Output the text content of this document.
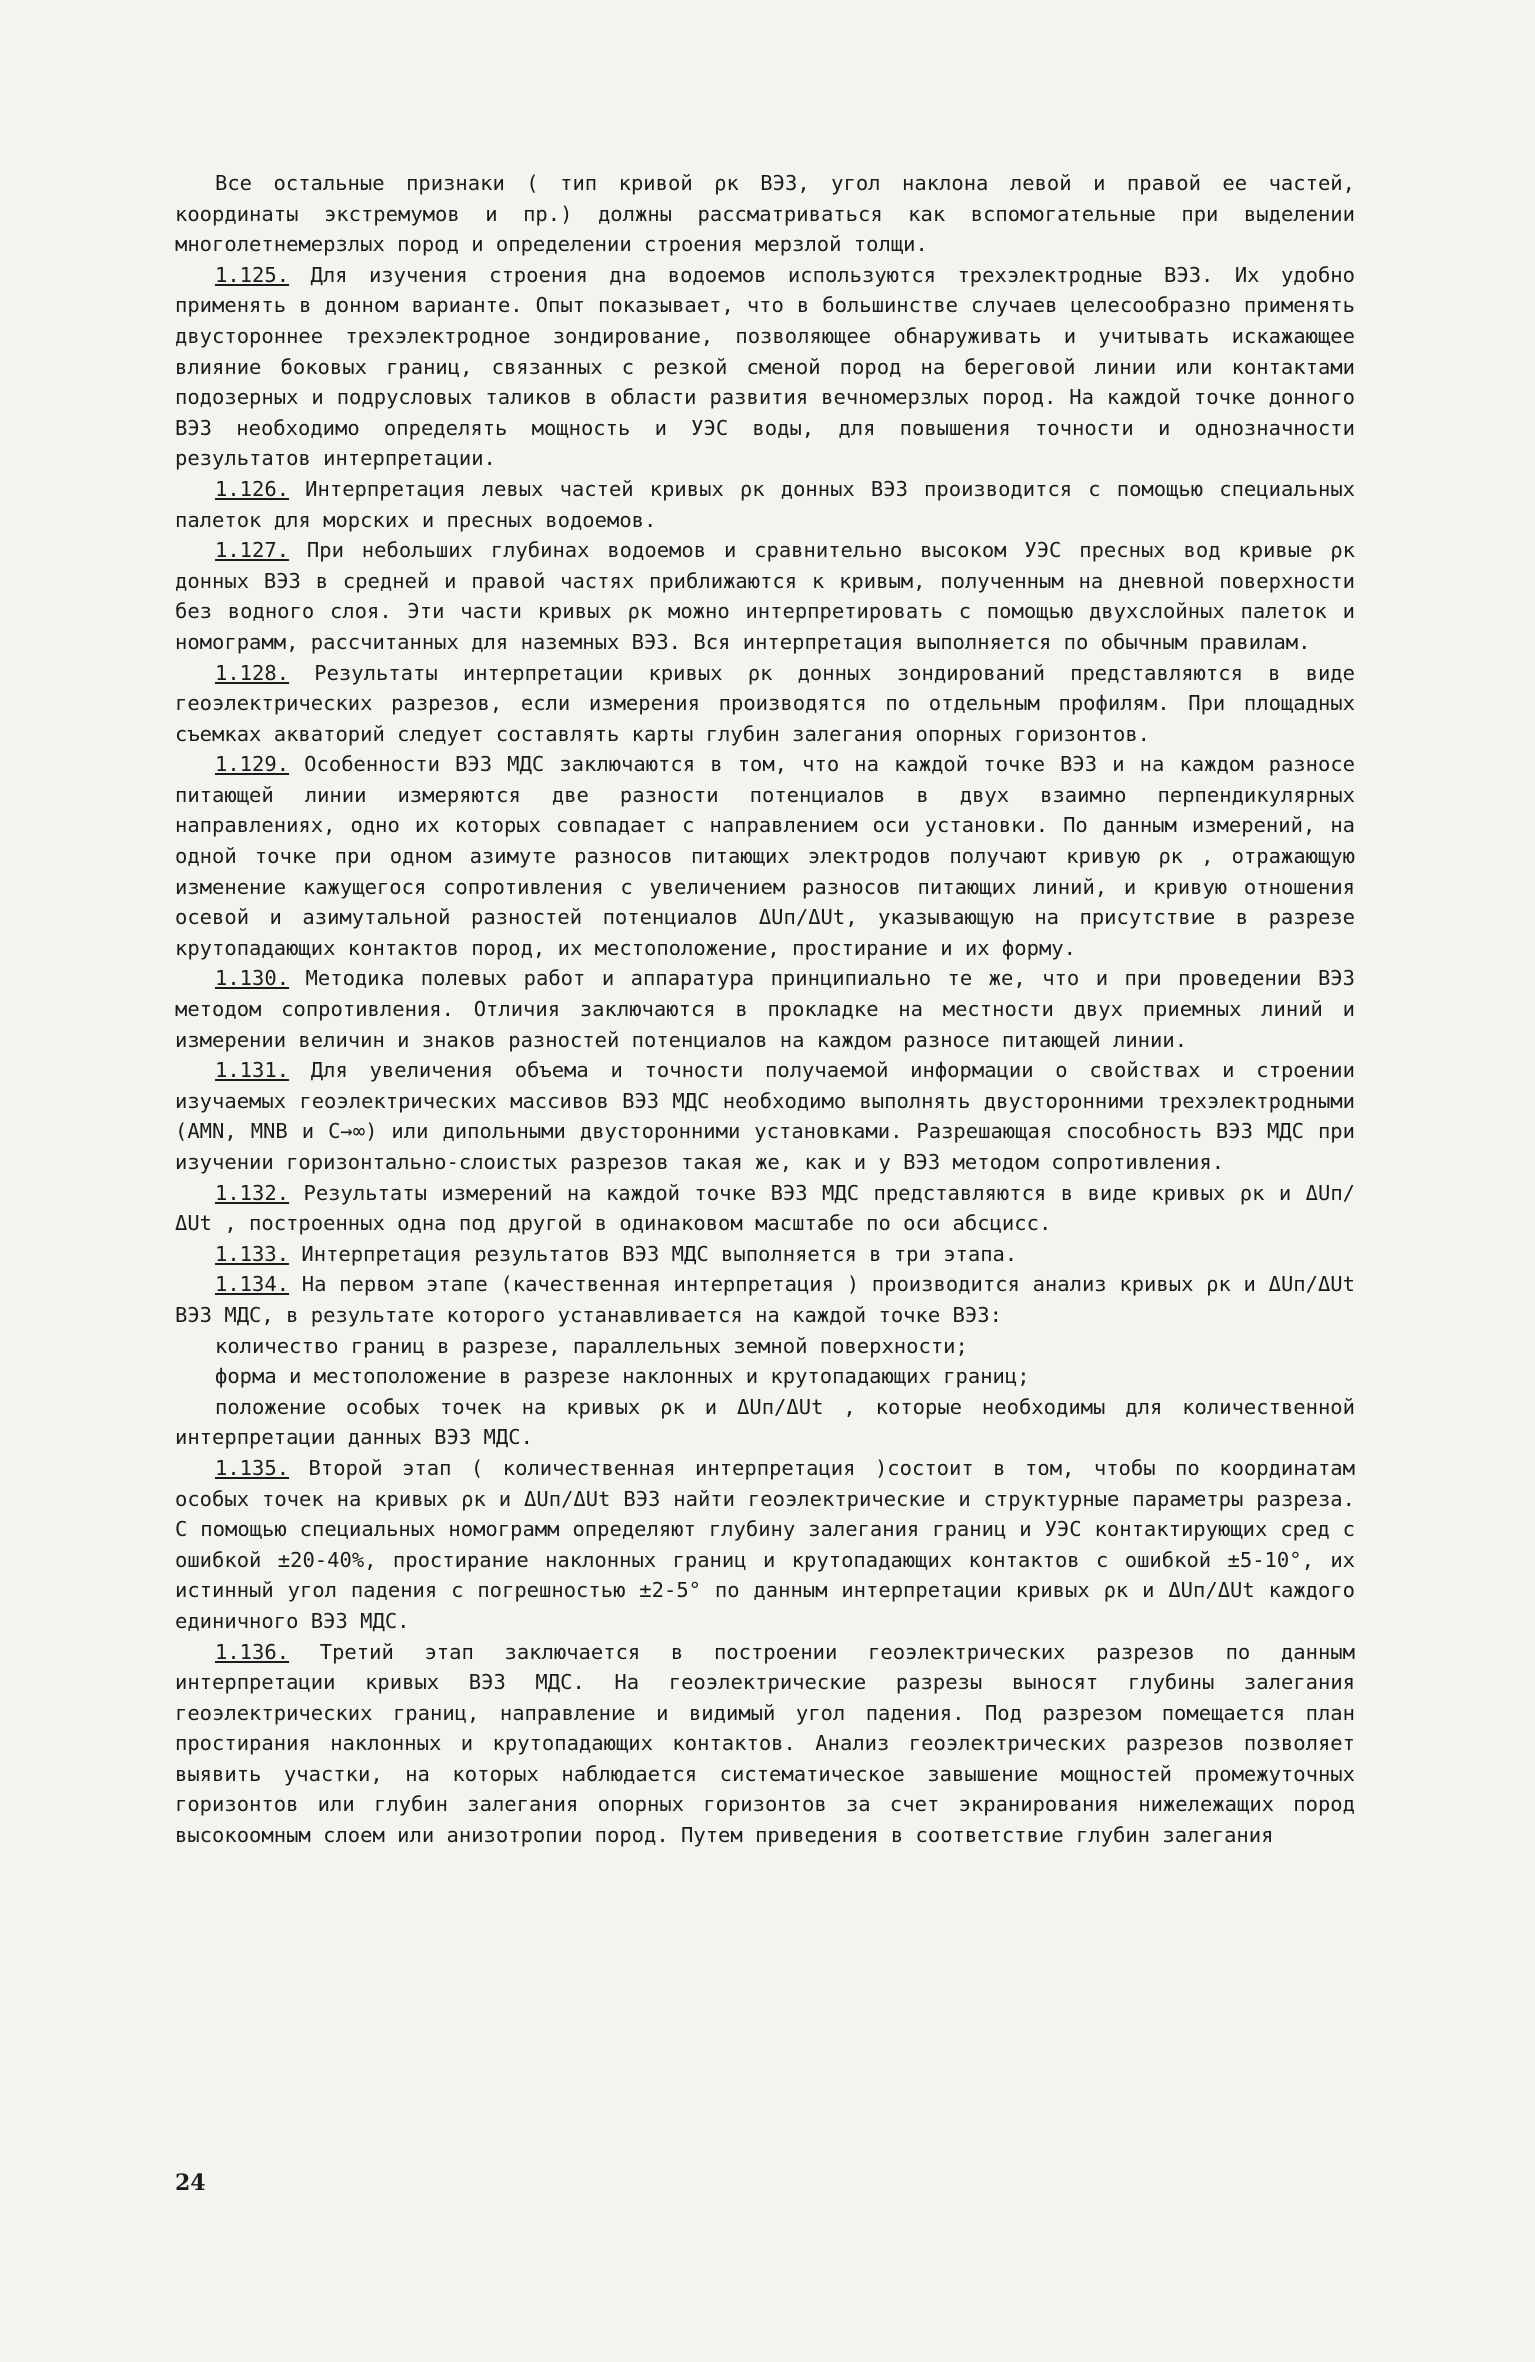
Все остальные признаки ( тип кривой ρк ВЭЗ, угол наклона левой и правой ее частей, координаты экстремумов и пр.) должны рассматриваться как вспомогательные при выделении многолетнемерзлых пород и определении строения мерзлой толщи.

1.125. Для изучения строения дна водоемов используются трехэлектродные ВЭЗ. Их удобно применять в донном варианте. Опыт показывает, что в большинстве случаев целесообразно применять двустороннее трехэлектродное зондирование, позволяющее обнаруживать и учитывать искажающее влияние боковых границ, связанных с резкой сменой пород на береговой линии или контактами подозерных и подрусловых таликов в области развития вечномерзлых пород. На каждой точке донного ВЭЗ необходимо определять мощность и УЭС воды, для повышения точности и однозначности результатов интерпретации.

1.126. Интерпретация левых частей кривых ρк донных ВЭЗ производится с помощью специальных палеток для морских и пресных водоемов.

1.127. При небольших глубинах водоемов и сравнительно высоком УЭС пресных вод кривые ρк донных ВЭЗ в средней и правой частях приближаются к кривым, полученным на дневной поверхности без водного слоя. Эти части кривых ρк можно интерпретировать с помощью двухслойных палеток и номограмм, рассчитанных для наземных ВЭЗ. Вся интерпретация выполняется по обычным правилам.

1.128. Результаты интерпретации кривых ρк донных зондирований представляются в виде геоэлектрических разрезов, если измерения производятся по отдельным профилям. При площадных съемках акваторий следует составлять карты глубин залегания опорных горизонтов.

1.129. Особенности ВЭЗ МДС заключаются в том, что на каждой точке ВЭЗ и на каждом разносе питающей линии измеряются две разности потенциалов в двух взаимно перпендикулярных направлениях, одно их которых совпадает с направлением оси установки. По данным измерений, на одной точке при одном азимуте разносов питающих электродов получают кривую ρк , отражающую изменение кажущегося сопротивления с увеличением разносов питающих линий, и кривую отношения осевой и азимутальной разностей потенциалов ΔUп/ΔUt, указывающую на присутствие в разрезе крутопадающих контактов пород, их местоположение, простирание и их форму.

1.130. Методика полевых работ и аппаратура принципиально те же, что и при проведении ВЭЗ методом сопротивления. Отличия заключаются в прокладке на местности двух приемных линий и измерении величин и знаков разностей потенциалов на каждом разносе питающей линии.

1.131. Для увеличения объема и точности получаемой информации о свойствах и строении изучаемых геоэлектрических массивов ВЭЗ МДС необходимо выполнять двусторонними трехэлектродными (AMN, MNB и C→∞) или дипольными двусторонними установками. Разрешающая способность ВЭЗ МДС при изучении горизонтально-слоистых разрезов такая же, как и у ВЭЗ методом сопротивления.

1.132. Результаты измерений на каждой точке ВЭЗ МДС представляются в виде кривых ρк и ΔUп/ΔUt , построенных одна под другой в одинаковом масштабе по оси абсцисс.

1.133. Интерпретация результатов ВЭЗ МДС выполняется в три этапа.

1.134. На первом этапе (качественная интерпретация ) производится анализ кривых ρк и ΔUп/ΔUt ВЭЗ МДС, в результате которого устанавливается на каждой точке ВЭЗ:

количество границ в разрезе, параллельных земной поверхности;

форма и местоположение в разрезе наклонных и крутопадающих границ;

положение особых точек на кривых ρк и ΔUп/ΔUt , которые необходимы для количественной интерпретации данных ВЭЗ МДС.

1.135. Второй этап ( количественная интерпретация )состоит в том, чтобы по координатам особых точек на кривых ρк и ΔUп/ΔUt ВЭЗ найти геоэлектрические и структурные параметры разреза. С помощью специальных номограмм определяют глубину залегания границ и УЭС контактирующих сред с ошибкой ±20-40%, простирание наклонных границ и крутопадающих контактов с ошибкой ±5-10°, их истинный угол падения с погрешностью ±2-5° по данным интерпретации кривых ρк и ΔUп/ΔUt каждого единичного ВЭЗ МДС.

1.136. Третий этап заключается в построении геоэлектрических разрезов по данным интерпретации кривых ВЭЗ МДС. На геоэлектрические разрезы выносят глубины залегания геоэлектрических границ, направление и видимый угол падения. Под разрезом помещается план простирания наклонных и крутопадающих контактов. Анализ геоэлектрических разрезов позволяет выявить участки, на которых наблюдается систематическое завышение мощностей промежуточных горизонтов или глубин залегания опорных горизонтов за счет экранирования нижележащих пород высокоомным слоем или анизотропии пород. Путем приведения в соответствие глубин залегания

24
